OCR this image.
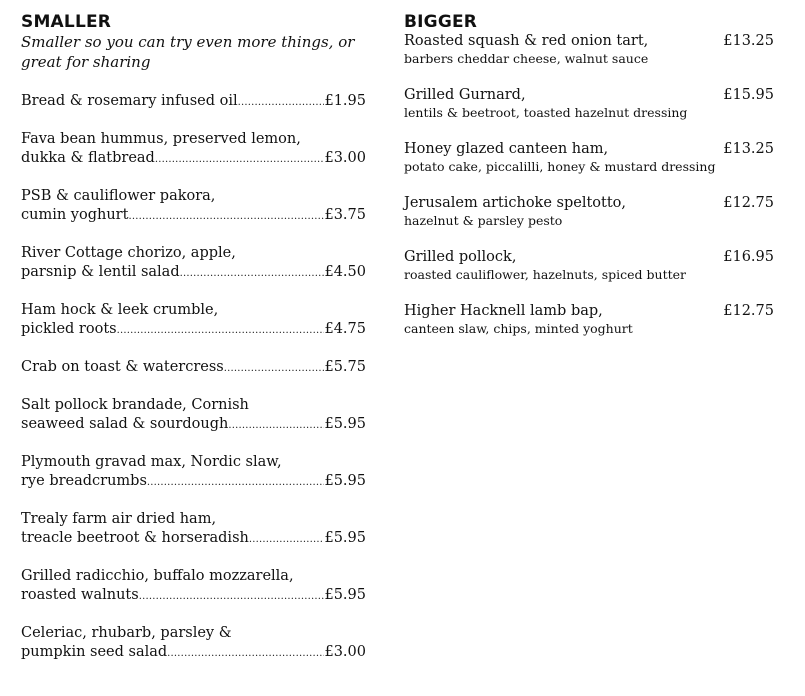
SMALLER

Smaller so you can try even more things, or
great for sharing

Bread & rosemary infused oil .....	£1.95
Fava bean hummus, preserved lemon,
dukka & flatbread .....	£3.00
PSB & cauliflower pakora,
cumin yoghurt .....	£3.75
River Cottage chorizo, apple,
parsnip & lentil salad .....	£4.50
Ham hock & leek crumble,
pickled roots .....	£4.75
Crab on toast & watercress .....	£5.75
Salt pollock brandade, Cornish
seaweed salad & sourdough .....	£5.95
Plymouth gravad max, Nordic slaw,
rye breadcrumbs .....	£5.95
Trealy farm air dried ham,
treacle beetroot & horseradish .....	£5.95
Grilled radicchio, buffalo mozzarella,
roasted walnuts .....	£5.95
Celeriac, rhubarb, parsley &
pumpkin seed salad .....	£3.00
BIGGER
Roasted squash & red onion tart,	£13.25
barbers cheddar cheese, walnut sauce
Grilled Gurnard,	£15.95
lentils & beetroot, toasted hazelnut dressing
Honey glazed canteen ham,	£13.25
potato cake, piccalilli, honey & mustard dressing
Jerusalem artichoke speltotto,	£12.75
hazelnut & parsley pesto
Grilled pollock,	£16.95
roasted cauliflower, hazelnuts, spiced butter
Higher Hacknell lamb bap,	£12.75
canteen slaw, chips, minted yoghurt
